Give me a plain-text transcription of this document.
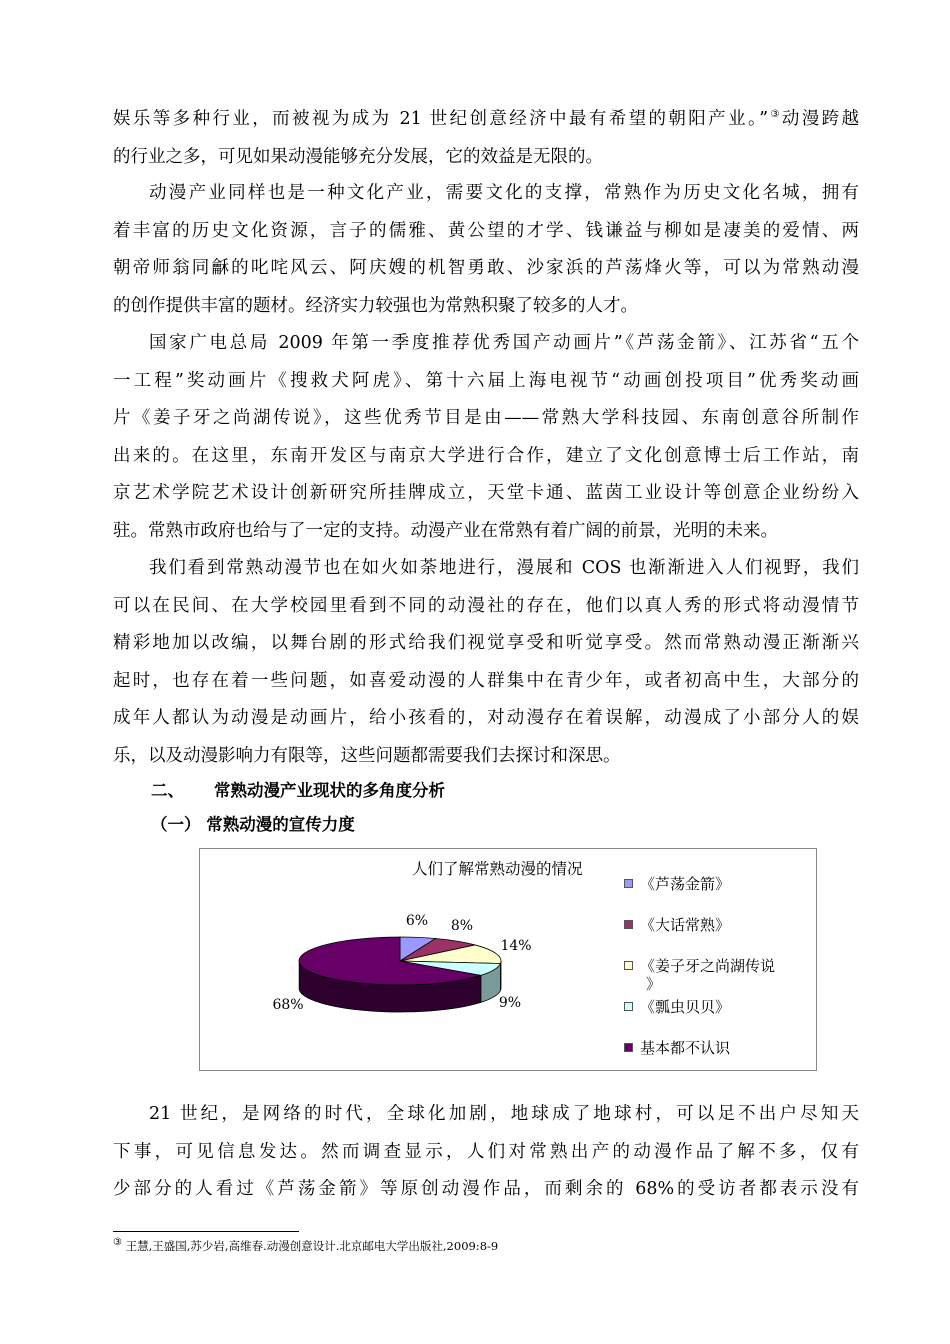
娱乐等多种行业，而被视为成为 21 世纪创意经济中最有希望的朝阳产业。”③动漫跨越
的行业之多，可见如果动漫能够充分发展，它的效益是无限的。
动漫产业同样也是一种文化产业，需要文化的支撑，常熟作为历史文化名城，拥有
着丰富的历史文化资源，言子的儒雅、黄公望的才学、钱谦益与柳如是凄美的爱情、两
朝帝师翁同龢的叱咤风云、阿庆嫂的机智勇敢、沙家浜的芦荡烽火等，可以为常熟动漫
的创作提供丰富的题材。经济实力较强也为常熟积聚了较多的人才。
国家广电总局 2009 年第一季度推荐优秀国产动画片”《芦荡金箭》、江苏省“五个
一工程”奖动画片《搜救犬阿虎》、第十六届上海电视节“动画创投项目”优秀奖动画
片《姜子牙之尚湖传说》，这些优秀节目是由——常熟大学科技园、东南创意谷所制作
出来的。在这里，东南开发区与南京大学进行合作，建立了文化创意博士后工作站，南
京艺术学院艺术设计创新研究所挂牌成立，天堂卡通、蓝茵工业设计等创意企业纷纷入
驻。常熟市政府也给与了一定的支持。动漫产业在常熟有着广阔的前景，光明的未来。
我们看到常熟动漫节也在如火如荼地进行，漫展和 COS 也渐渐进入人们视野，我们
可以在民间、在大学校园里看到不同的动漫社的存在，他们以真人秀的形式将动漫情节
精彩地加以改编，以舞台剧的形式给我们视觉享受和听觉享受。然而常熟动漫正渐渐兴
起时，也存在着一些问题，如喜爱动漫的人群集中在青少年，或者初高中生，大部分的
成年人都认为动漫是动画片，给小孩看的，对动漫存在着误解，动漫成了小部分人的娱
乐，以及动漫影响力有限等，这些问题都需要我们去探讨和深思。
二、 常熟动漫产业现状的多角度分析
（一） 常熟动漫的宣传力度
人们了解常熟动漫的情况
6% 8%
14%
9%
68%
《芦荡金箭》
《大话常熟》
《姜子牙之尚湖传说
》
《瓢虫贝贝》
基本都不认识
21 世纪，是网络的时代，全球化加剧，地球成了地球村，可以足不出户尽知天
下事，可见信息发达。然而调查显示，人们对常熟出产的动漫作品了解不多，仅有
少部分的人看过《芦荡金箭》等原创动漫作品，而剩余的 68%的受访者都表示没有
③ 王慧,王盛国,苏少岩,高维春.动漫创意设计.北京邮电大学出版社,2009:8-9
